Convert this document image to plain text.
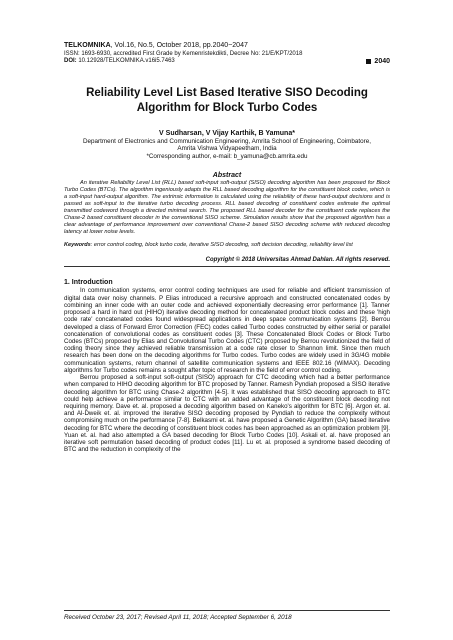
TELKOMNIKA, Vol.16, No.5, October 2018, pp.2040~2047
ISSN: 1693-6930, accredited First Grade by Kemenristekdikti, Decree No: 21/E/KPT/2018
DOI: 10.12928/TELKOMNIKA.v16i5.7463	2040
Reliability Level List Based Iterative SISO Decoding
Algorithm for Block Turbo Codes
V Sudharsan, V Vijay Karthik, B Yamuna*
Department of Electronics and Communication Engineering, Amrita School of Engineering, Coimbatore,
Amrita Vishwa Vidyapeetham, India
*Corresponding author, e-mail: b_yamuna@cb.amrita.edu
Abstract

An iterative Reliability Level List (RLL) based soft-input soft-output (SISO) decoding algorithm has been proposed for Block Turbo Codes (BTCs). The algorithm ingeniously adapts the RLL based decoding algorithm for the constituent block codes, which is a soft-input hard-output algorithm. The extrinsic information is calculated using the reliability of these hard-output decisions and is passed as soft-input to the iterative turbo decoding process. RLL based decoding of constituent codes estimate the optimal transmitted codeword through a directed minimal search. The proposed RLL based decoder for the constituent code replaces the Chase-2 based constituent decoder in the conventional SISO scheme. Simulation results show that the proposed algorithm has a clear advantage of performance improvement over conventional Chase-2 based SISO decoding scheme with reduced decoding latency at lower noise levels.

Keywords: error control coding, block turbo code, iterative SISO decoding, soft decision decoding, reliability level list
Copyright © 2018 Universitas Ahmad Dahlan. All rights reserved.
1. Introduction

In communication systems, error control coding techniques are used for reliable and efficient transmission of digital data over noisy channels. P Elias introduced a recursive approach and constructed concatenated codes by combining an inner code with an outer code and achieved exponentially decreasing error performance [1]. Tanner proposed a hard in hard out (HIHO) iterative decoding method for concatenated product block codes and these 'high code rate' concatenated codes found widespread applications in deep space communication systems [2]. Berrou developed a class of Forward Error Correction (FEC) codes called Turbo codes constructed by either serial or parallel concatenation of convolutional codes as constituent codes [3]. These Concatenated Block Codes or Block Turbo Codes (BTCs) proposed by Elias and Convolutional Turbo Codes (CTC) proposed by Berrou revolutionized the field of coding theory since they achieved reliable transmission at a code rate closer to Shannon limit. Since then much research has been done on the decoding algorithms for Turbo codes. Turbo codes are widely used in 3G/4G mobile communication systems, return channel of satellite communication systems and IEEE 802.16 (WiMAX). Decoding algorithms for Turbo codes remains a sought after topic of research in the field of error control coding.

Berrou proposed a soft-input soft-output (SISO) approach for CTC decoding which had a better performance when compared to HIHO decoding algorithm for BTC proposed by Tanner. Ramesh Pyndiah proposed a SISO iterative decoding algorithm for BTC using Chase-2 algorithm [4-5]. It was established that SISO decoding approach to BTC could help achieve a performance similar to CTC with an added advantage of the constituent block decoding not requiring memory. Dave et. al. proposed a decoding algorithm based on Kaneko's algorithm for BTC [6]. Argon et. al. and Al-Dweik et. al. improved the iterative SISO decoding proposed by Pyndiah to reduce the complexity without compromising much on the performance [7-8]. Belkasmi et. al. have proposed a Genetic Algorithm (GA) based iterative decoding for BTC where the decoding of constituent block codes has been approached as an optimization problem [9]. Yuan et. al. had also attempted a GA based decoding for Block Turbo Codes [10]. Askali et. al. have proposed an iterative soft permutation based decoding of product codes [11]. Lu et. al. proposed a syndrome based decoding of BTC and the reduction in complexity of the

Received October 23, 2017; Revised April 11, 2018; Accepted September 6, 2018
